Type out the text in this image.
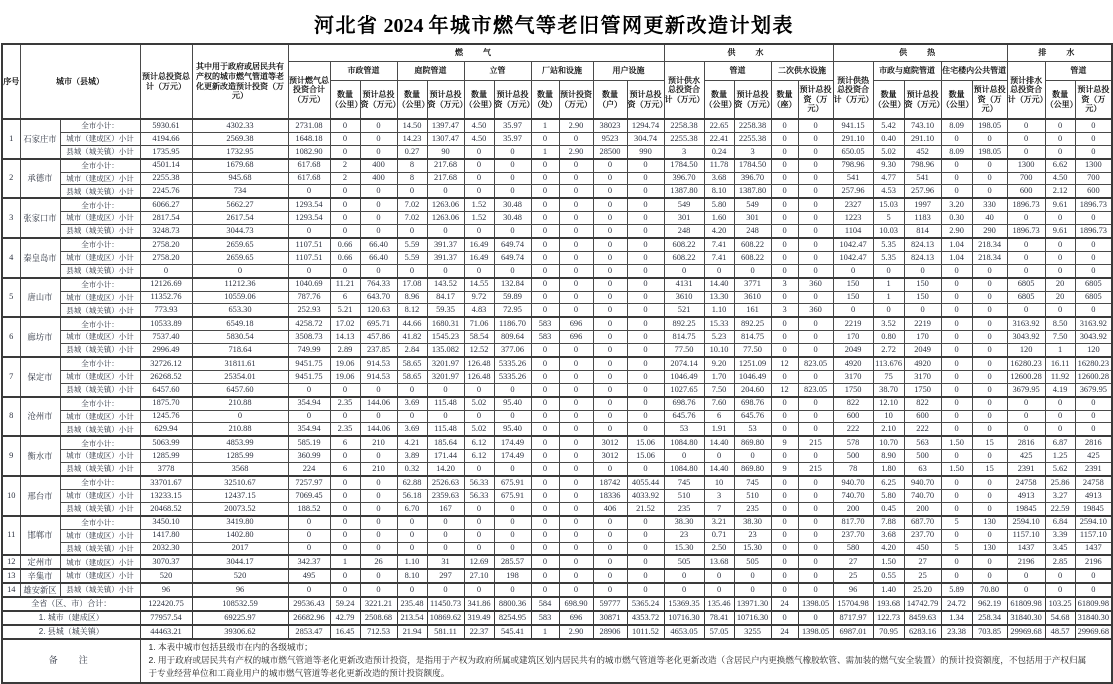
河北省 2024 年城市燃气等老旧管网更新改造计划表
序号	城市（县城）		预计总投资总计（万元）	其中用于政府或居民共有产权的城市燃气管道等老化更新改造预计投资（万元）	燃　气											供　水					供　热					排　水		
					预计燃气总投资合计（万元）	市政管道		庭院管道		立管		厂站和设施		用户设施		预计供水总投资合计（万元）	管道		二次供水设施		预计供热总投资合计（万元）	市政与庭院管道		住宅楼内公共管道		预计排水总投资合计（万元）	管道	
						数量（公里）	预计总投资（万元）	数量（公里）	预计总投资（万元）	数量（公里）	预计总投资（万元）	数量（处）	预计投资（万元）	数量（户）	预计总投资（万元）		数量（公里）	预计总投资（万元）	数量（座）	预计总投资（万元）		数量（公里）	预计总投资（万元）	数量（公里）	预计总投资（万元）		数量（公里）	预计总投资（万元）
1	石家庄市	全市小计：	5930.61	4302.33	2731.08	0	0	14.50	1397.47	4.50	35.97	1	2.90	38023	1294.74	2258.38	22.65	2258.38	0	0	941.15	5.42	743.10	8.09	198.05	0	0	0
		城市（建成区）小计	4194.66	2569.38	1648.18	0	0	14.23	1307.47	4.50	35.97	0	0	9523	304.74	2255.38	22.41	2255.38	0	0	291.10	0.40	291.10	0	0	0	0	0
		县城（城关镇）小计	1735.95	1732.95	1082.90	0	0	0.27	90	0	0	1	2.90	28500	990	3	0.24	3	0	0	650.05	5.02	452	8.09	198.05	0	0	0
2	承德市	全市小计：	4501.14	1679.68	617.68	2	400	8	217.68	0	0	0	0	0	0	1784.50	11.78	1784.50	0	0	798.96	9.30	798.96	0	0	1300	6.62	1300
		城市（建成区）小计	2255.38	945.68	617.68	2	400	8	217.68	0	0	0	0	0	0	396.70	3.68	396.70	0	0	541	4.77	541	0	0	700	4.50	700
		县城（城关镇）小计	2245.76	734	0	0	0	0	0	0	0	0	0	0	0	1387.80	8.10	1387.80	0	0	257.96	4.53	257.96	0	0	600	2.12	600
3	张家口市	全市小计：	6066.27	5662.27	1293.54	0	0	7.02	1263.06	1.52	30.48	0	0	0	0	549	5.80	549	0	0	2327	15.03	1997	3.20	330	1896.73	9.61	1896.73
		城市（建成区）小计	2817.54	2617.54	1293.54	0	0	7.02	1263.06	1.52	30.48	0	0	0	0	301	1.60	301	0	0	1223	5	1183	0.30	40	0	0	0
		县城（城关镇）小计	3248.73	3044.73	0	0	0	0	0	0	0	0	0	0	0	248	4.20	248	0	0	1104	10.03	814	2.90	290	1896.73	9.61	1896.73
4	秦皇岛市	全市小计：	2758.20	2659.65	1107.51	0.66	66.40	5.59	391.37	16.49	649.74	0	0	0	0	608.22	7.41	608.22	0	0	1042.47	5.35	824.13	1.04	218.34	0	0	0
		城市（建成区）小计	2758.20	2659.65	1107.51	0.66	66.40	5.59	391.37	16.49	649.74	0	0	0	0	608.22	7.41	608.22	0	0	1042.47	5.35	824.13	1.04	218.34	0	0	0
		县城（城关镇）小计	0	0	0	0	0	0	0	0	0	0	0	0	0	0	0	0	0	0	0	0	0	0	0	0	0	0
5	唐山市	全市小计：	12126.69	11212.36	1040.69	11.21	764.33	17.08	143.52	14.55	132.84	0	0	0	0	4131	14.40	3771	3	360	150	1	150	0	0	6805	20	6805
		城市（建成区）小计	11352.76	10559.06	787.76	6	643.70	8.96	84.17	9.72	59.89	0	0	0	0	3610	13.30	3610	0	0	150	1	150	0	0	6805	20	6805
		县城（城关镇）小计	773.93	653.30	252.93	5.21	120.63	8.12	59.35	4.83	72.95	0	0	0	0	521	1.10	161	3	360	0	0	0	0	0	0	0	0
6	廊坊市	全市小计：	10533.89	6549.18	4258.72	17.02	695.71	44.66	1680.31	71.06	1186.70	583	696	0	0	892.25	15.33	892.25	0	0	2219	3.52	2219	0	0	3163.92	8.50	3163.92
		城市（建成区）小计	7537.40	5830.54	3508.73	14.13	457.86	41.82	1545.23	58.54	809.64	583	696	0	0	814.75	5.23	814.75	0	0	170	0.80	170	0	0	3043.92	7.50	3043.92
		县城（城关镇）小计	2996.49	718.64	749.99	2.89	237.85	2.84	135.082	12.52	377.06	0	0	0	0	77.50	10.10	77.50	0	0	2049	2.72	2049	0	0	120	1	120
7	保定市	全市小计：	32726.12	31811.61	9451.75	19.06	914.53	58.65	3201.97	126.48	5335.26	0	0	0	0	2074.14	9.20	1251.09	12	823.05	4920	113.676	4920	0	0	16280.23	16.11	16280.23
		城市（建成区）小计	26268.52	25354.01	9451.75	19.06	914.53	58.65	3201.97	126.48	5335.26	0	0	0	0	1046.49	1.70	1046.49	0	0	3170	75	3170	0	0	12600.28	11.92	12600.28
		县城（城关镇）小计	6457.60	6457.60	0	0	0	0	0	0	0	0	0	0	0	1027.65	7.50	204.60	12	823.05	1750	38.70	1750	0	0	3679.95	4.19	3679.95
8	沧州市	全市小计：	1875.70	210.88	354.94	2.35	144.06	3.69	115.48	5.02	95.40	0	0	0	0	698.76	7.60	698.76	0	0	822	12.10	822	0	0	0	0	0
		城市（建成区）小计	1245.76	0	0	0	0	0	0	0	0	0	0	0	0	645.76	6	645.76	0	0	600	10	600	0	0	0	0	0
		县城（城关镇）小计	629.94	210.88	354.94	2.35	144.06	3.69	115.48	5.02	95.40	0	0	0	0	53	1.91	53	0	0	222	2.10	222	0	0	0	0	0
9	衡水市	全市小计：	5063.99	4853.99	585.19	6	210	4.21	185.64	6.12	174.49	0	0	3012	15.06	1084.80	14.40	869.80	9	215	578	10.70	563	1.50	15	2816	6.87	2816
		城市（建成区）小计	1285.99	1285.99	360.99	0	0	3.89	171.44	6.12	174.49	0	0	3012	15.06	0	0	0	0	0	500	8.90	500	0	0	425	1.25	425
		县城（城关镇）小计	3778	3568	224	6	210	0.32	14.20	0	0	0	0	0	0	1084.80	14.40	869.80	9	215	78	1.80	63	1.50	15	2391	5.62	2391
10	邢台市	全市小计：	33701.67	32510.67	7257.97	0	0	62.88	2526.63	56.33	675.91	0	0	18742	4055.44	745	10	745	0	0	940.70	6.25	940.70	0	0	24758	25.86	24758
		城市（建成区）小计	13233.15	12437.15	7069.45	0	0	56.18	2359.63	56.33	675.91	0	0	18336	4033.92	510	3	510	0	0	740.70	5.80	740.70	0	0	4913	3.27	4913
		县城（城关镇）小计	20468.52	20073.52	188.52	0	0	6.70	167	0	0	0	0	406	21.52	235	7	235	0	0	200	0.45	200	0	0	19845	22.59	19845
11	邯郸市	全市小计：	3450.10	3419.80	0	0	0	0	0	0	0	0	0	0	0	38.30	3.21	38.30	0	0	817.70	7.88	687.70	5	130	2594.10	6.84	2594.10
		城市（建成区）小计	1417.80	1402.80	0	0	0	0	0	0	0	0	0	0	0	23	0.71	23	0	0	237.70	3.68	237.70	0	0	1157.10	3.39	1157.10
		县城（城关镇）小计	2032.30	2017	0	0	0	0	0	0	0	0	0	0	0	15.30	2.50	15.30	0	0	580	4.20	450	5	130	1437	3.45	1437
12	定州市	城市（建成区）小计	3070.37	3044.17	342.37	1	26	1.10	31	12.69	285.57	0	0	0	0	505	13.68	505	0	0	27	1.50	27	0	0	2196	2.85	2196
13	辛集市	城市（建成区）小计	520	520	495	0	0	8.10	297	27.10	198	0	0	0	0	0	0	0	0	0	25	0.55	25	0	0	0	0	0
14	雄安新区	县城（城关镇）小计	96	96	0	0	0	0	0	0	0	0	0	0	0	0	0	0	0	0	96	1.40	25.20	5.89	70.80	0	0	0
全省（区、市）合计：			122420.75	108532.59	29536.43	59.24	3221.21	235.48	11450.73	341.86	8800.36	584	698.90	59777	5365.24	15369.35	135.46	13971.30	24	1398.05	15704.98	193.68	14742.79	24.72	962.19	61809.98	103.25	61809.98
1. 城市（建成区）			77957.54	69225.97	26682.96	42.79	2508.68	213.54	10869.62	319.49	8254.95	583	696	30871	4353.72	10716.30	78.41	10716.30	0	0	8717.97	122.73	8459.63	1.34	258.34	31840.30	54.68	31840.30
2. 县城（城关镇）			44463.21	39306.62	2853.47	16.45	712.53	21.94	581.11	22.37	545.41	1	2.90	28906	1011.52	4653.05	57.05	3255	24	1398.05	6987.01	70.95	6283.16	23.38	703.85	29969.68	48.57	29969.68
备　注			1. 本表中城市包括县级市在内的各级城市；
2. 用于政府或居民共有产权的城市燃气管道等老化更新改造预计投资，是指用于产权为政府所属或建筑区划内居民共有的城市燃气管道等老化更新改造（含居民户内更换燃气橡胶软管、需加装的燃气安全装置）的预计投资额度，不包括用于产权归属
于专业经营单位和工商业用户的城市燃气管道等老化更新改造的预计投资额度。																									
